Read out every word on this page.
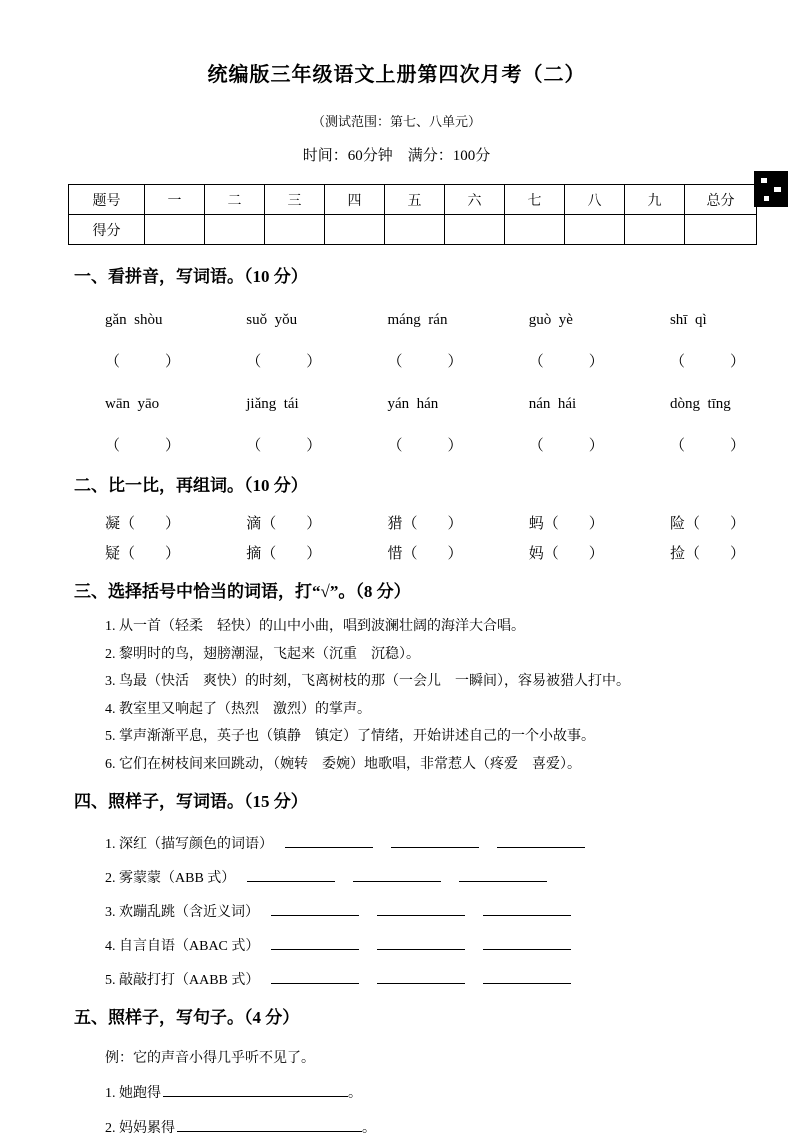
统编版三年级语文上册第四次月考（二）
（测试范围：第七、八单元）
时间：60分钟　满分：100分
题号	一	二	三	四	五	六	七	八	九	总分
得分										
一、看拼音，写词语。（10 分）
gǎn  shòu
（　　　）
suǒ  yǒu
（　　　）
máng  rán
（　　　）
guò  yè
（　　　）
shī  qì
（　　　）
wān  yāo
（　　　）
jiǎng  tái
（　　　）
yán  hán
（　　　）
nán  hái
（　　　）
dòng  tīng
（　　　）
二、比一比，再组词。（10 分）
凝（　　）	滴（　　）	猎（　　）	蚂（　　）	险（　　）
疑（　　）	摘（　　）	惜（　　）	妈（　　）	捡（　　）
三、选择括号中恰当的词语，打“√”。（8 分）
1. 从一首（轻柔　轻快）的山中小曲，唱到波澜壮阔的海洋大合唱。
2. 黎明时的鸟，翅膀潮湿，飞起来（沉重　沉稳）。
3. 鸟最（快活　爽快）的时刻，飞离树枝的那（一会儿　一瞬间），容易被猎人打中。
4. 教室里又响起了（热烈　激烈）的掌声。
5. 掌声渐渐平息，英子也（镇静　镇定）了情绪，开始讲述自己的一个小故事。
6. 它们在树枝间来回跳动，（婉转　委婉）地歌唱，非常惹人（疼爱　喜爱）。
四、照样子，写词语。（15 分）
1. 深红（描写颜色的词语）
2. 雾蒙蒙（ABB 式）
3. 欢蹦乱跳（含近义词）
4. 自言自语（ABAC 式）
5. 敲敲打打（AABB 式）
五、照样子，写句子。（4 分）
例：它的声音小得几乎听不见了。
1. 她跑得	。
2. 妈妈累得	。
